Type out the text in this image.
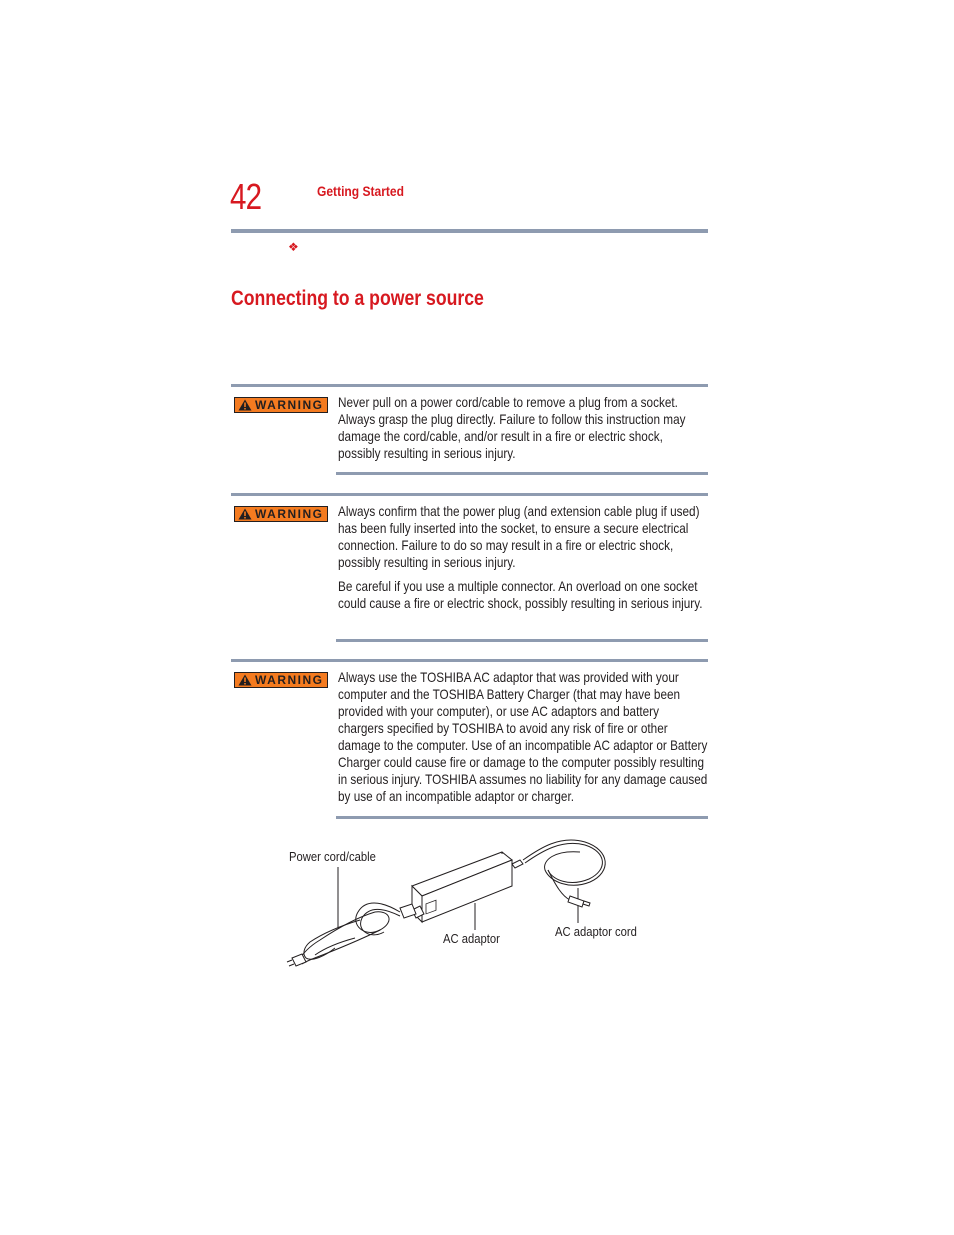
42	Getting Started
❖
Connecting to a power source
WARNING Never pull on a power cord/cable to remove a plug from a socket. Always grasp the plug directly. Failure to follow this instruction may damage the cord/cable, and/or result in a fire or electric shock, possibly resulting in serious injury.

WARNING Always confirm that the power plug (and extension cable plug if used) has been fully inserted into the socket, to ensure a secure electrical connection. Failure to do so may result in a fire or electric shock, possibly resulting in serious injury.

Be careful if you use a multiple connector. An overload on one socket could cause a fire or electric shock, possibly resulting in serious injury.

WARNING Always use the TOSHIBA AC adaptor that was provided with your computer and the TOSHIBA Battery Charger (that may have been provided with your computer), or use AC adaptors and battery chargers specified by TOSHIBA to avoid any risk of fire or other damage to the computer. Use of an incompatible AC adaptor or Battery Charger could cause fire or damage to the computer possibly resulting in serious injury. TOSHIBA assumes no liability for any damage caused by use of an incompatible adaptor or charger.

Power cord/cable
AC adaptor	AC adaptor cord
